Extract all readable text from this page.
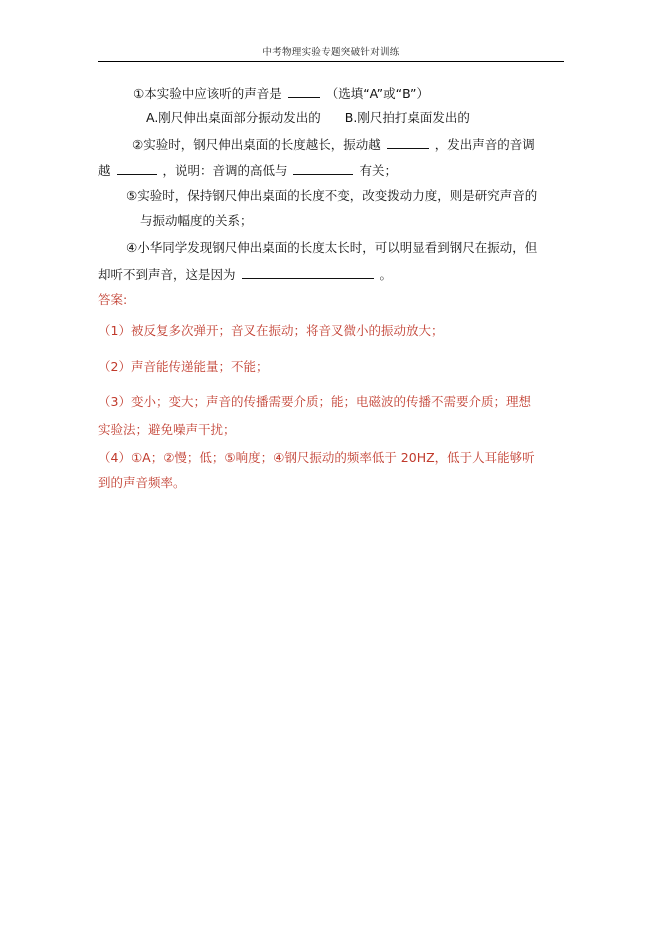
中考物理实验专题突破针对训练
①本实验中应该听的声音是	（选填“A”或“B”）
A.刚尺伸出桌面部分振动发出的 B.刚尺拍打桌面发出的
②实验时，钢尺伸出桌面的长度越长，振动越	，发出声音的音调
越	，说明：音调的高低与	有关；
⑤实验时，保持钢尺伸出桌面的长度不变，改变拨动力度，则是研究声音的
与振动幅度的关系；
④小华同学发现钢尺伸出桌面的长度太长时，可以明显看到钢尺在振动，但
却听不到声音，这是因为	。
答案:
（1）被反复多次弹开；音叉在振动；将音叉微小的振动放大；
（2）声音能传递能量；不能；
（3）变小；变大；声音的传播需要介质；能；电磁波的传播不需要介质；理想
实验法；避免噪声干扰；
（4）①A；②慢；低；⑤响度；④钢尺振动的频率低于 20HZ，低于人耳能够听
到的声音频率。
